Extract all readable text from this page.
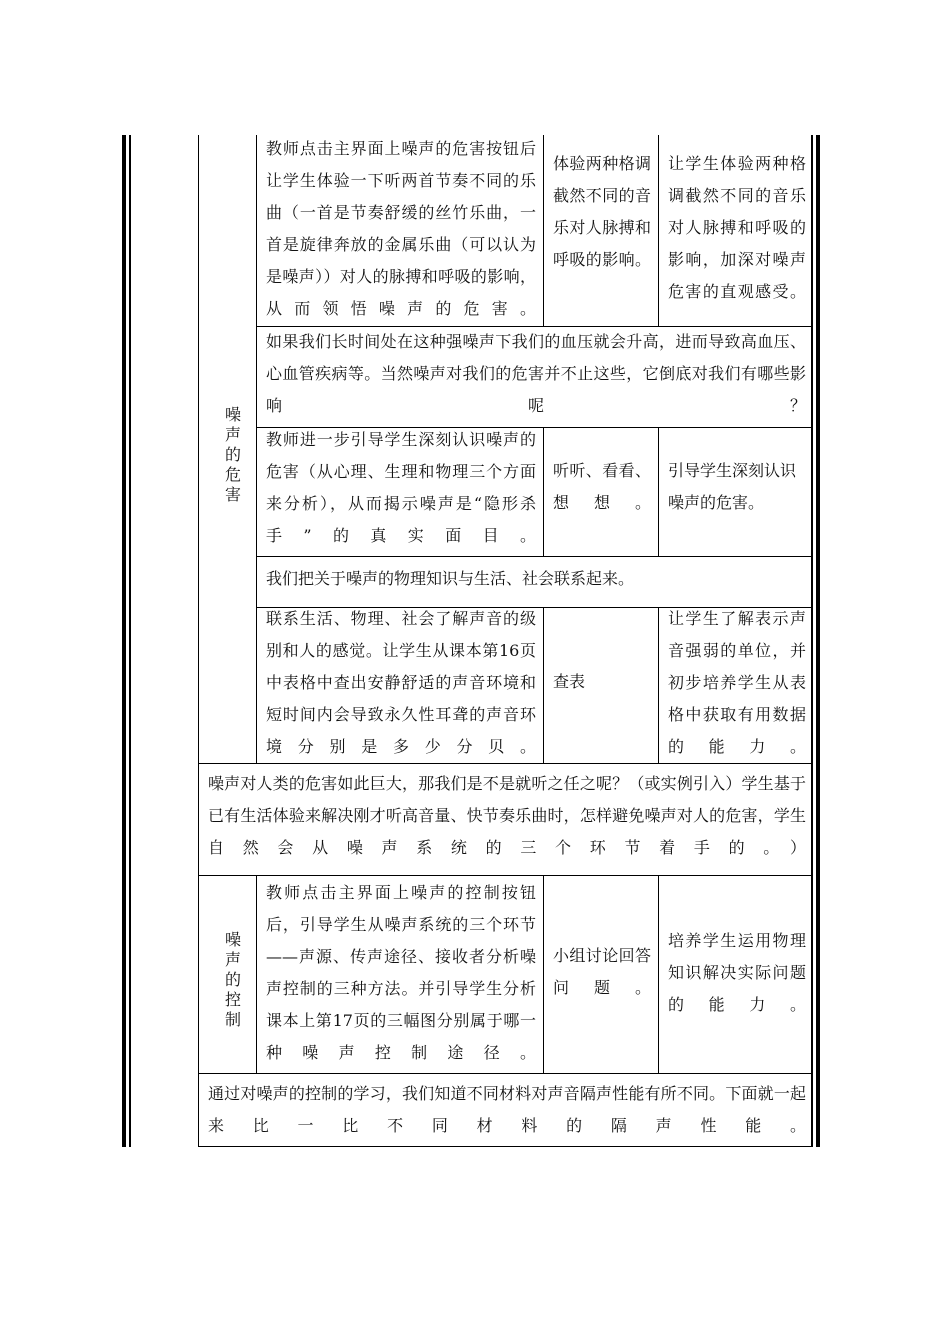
噪声的危害
噪声的控制
教师点击主界面上噪声的危害按钮后让学生体验一下听两首节奏不同的乐曲（一首是节奏舒缓的丝竹乐曲，一首是旋律奔放的金属乐曲（可以认为是噪声））对人的脉搏和呼吸的影响，从而领悟噪声的危害。
体验两种格调截然不同的音乐对人脉搏和呼吸的影响。
让学生体验两种格调截然不同的音乐对人脉搏和呼吸的影响，加深对噪声危害的直观感受。
如果我们长时间处在这种强噪声下我们的血压就会升高，进而导致高血压、心血管疾病等。当然噪声对我们的危害并不止这些，它倒底对我们有哪些影响呢？
教师进一步引导学生深刻认识噪声的危害（从心理、生理和物理三个方面来分析），从而揭示噪声是“隐形杀手”的真实面目。
听听、看看、想想。
引导学生深刻认识噪声的危害。
我们把关于噪声的物理知识与生活、社会联系起来。
联系生活、物理、社会了解声音的级别和人的感觉。让学生从课本第16页中表格中查出安静舒适的声音环境和短时间内会导致永久性耳聋的声音环境分别是多少分贝。
查表
让学生了解表示声音强弱的单位，并初步培养学生从表格中获取有用数据的能力。
噪声对人类的危害如此巨大，那我们是不是就听之任之呢？（或实例引入）学生基于已有生活体验来解决刚才听高音量、快节奏乐曲时，怎样避免噪声对人的危害，学生自然会从噪声系统的三个环节着手的。）
教师点击主界面上噪声的控制按钮后，引导学生从噪声系统的三个环节——声源、传声途径、接收者分析噪声控制的三种方法。并引导学生分析课本上第17页的三幅图分别属于哪一种噪声控制途径。
小组讨论回答问题。
培养学生运用物理知识解决实际问题的能力。
通过对噪声的控制的学习，我们知道不同材料对声音隔声性能有所不同。下面就一起来比一比不同材料的隔声性能。
